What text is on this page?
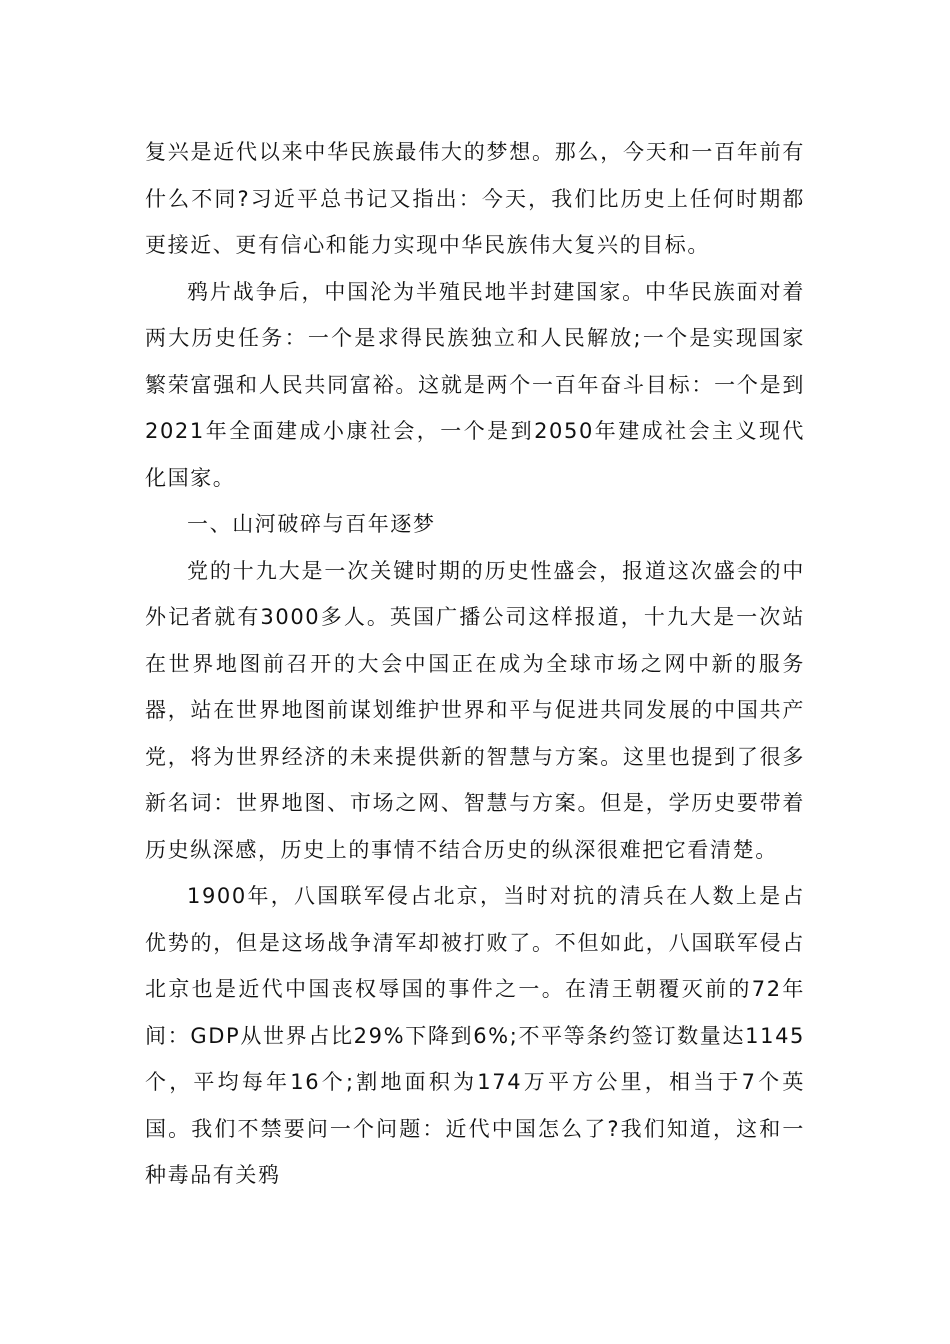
复兴是近代以来中华民族最伟大的梦想。那么，今天和一百年前有什么不同?习近平总书记又指出：今天，我们比历史上任何时期都更接近、更有信心和能力实现中华民族伟大复兴的目标。

鸦片战争后，中国沦为半殖民地半封建国家。中华民族面对着两大历史任务：一个是求得民族独立和人民解放;一个是实现国家繁荣富强和人民共同富裕。这就是两个一百年奋斗目标：一个是到2021年全面建成小康社会，一个是到2050年建成社会主义现代化国家。

一、山河破碎与百年逐梦

党的十九大是一次关键时期的历史性盛会，报道这次盛会的中外记者就有3000多人。英国广播公司这样报道，十九大是一次站在世界地图前召开的大会中国正在成为全球市场之网中新的服务器，站在世界地图前谋划维护世界和平与促进共同发展的中国共产党，将为世界经济的未来提供新的智慧与方案。这里也提到了很多新名词：世界地图、市场之网、智慧与方案。但是，学历史要带着历史纵深感，历史上的事情不结合历史的纵深很难把它看清楚。

1900年，八国联军侵占北京，当时对抗的清兵在人数上是占优势的，但是这场战争清军却被打败了。不但如此，八国联军侵占北京也是近代中国丧权辱国的事件之一。在清王朝覆灭前的72年间：GDP从世界占比29%下降到6%;不平等条约签订数量达1145个，平均每年16个;割地面积为174万平方公里，相当于7个英国。我们不禁要问一个问题：近代中国怎么了?我们知道，这和一种毒品有关鸦
